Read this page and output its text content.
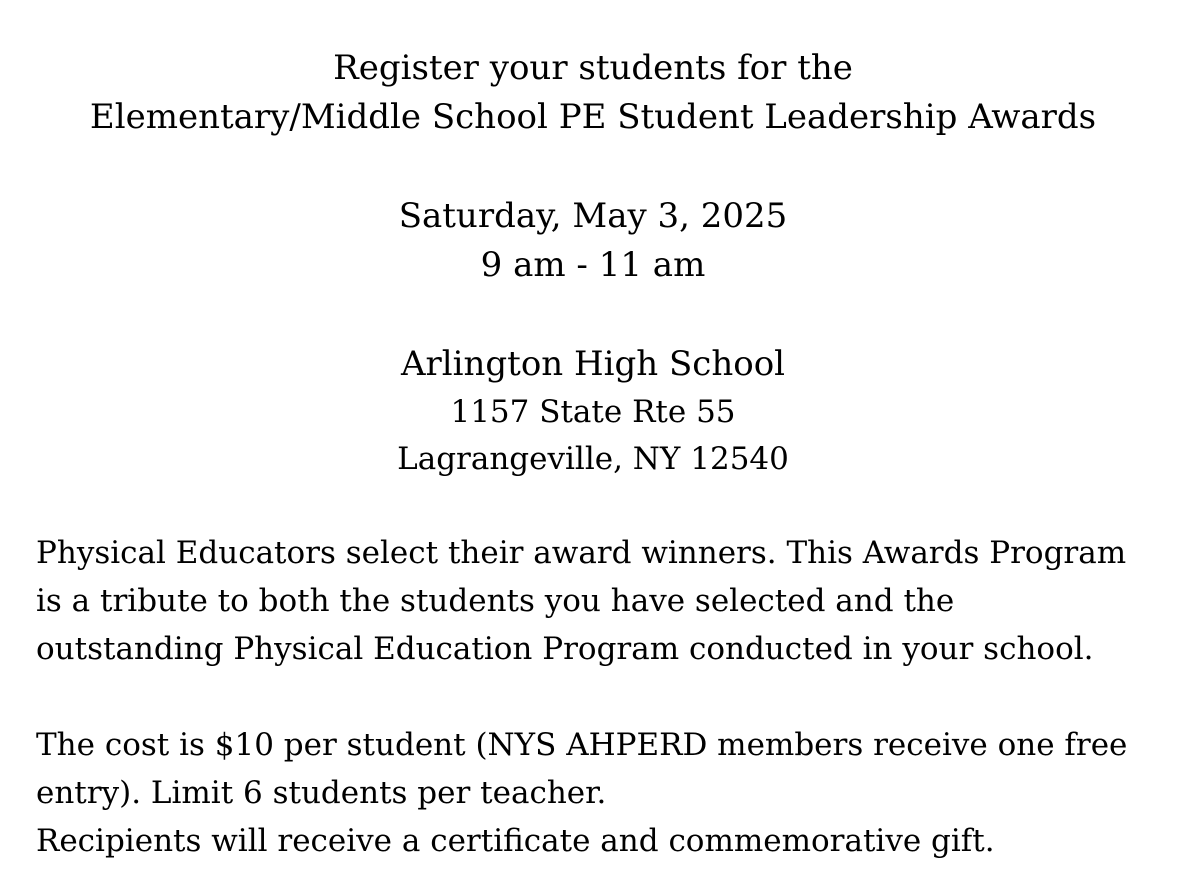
Register your students for the
Elementary/Middle School PE Student Leadership Awards
Saturday, May 3, 2025
9 am - 11 am
Arlington High School
1157 State Rte 55
Lagrangeville, NY 12540

Physical Educators select their award winners. This Awards Program is a tribute to both the students you have selected and the outstanding Physical Education Program conducted in your school.

The cost is $10 per student (NYS AHPERD members receive one free entry). Limit 6 students per teacher.

Recipients will receive a certificate and commemorative gift.
